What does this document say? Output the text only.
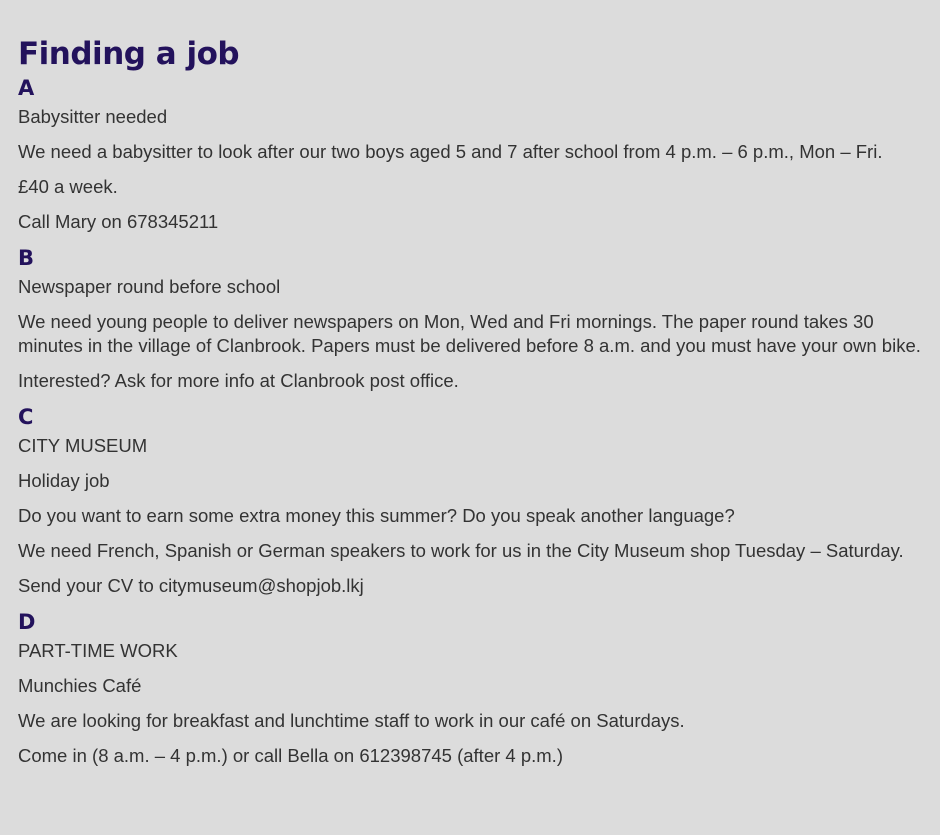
Finding a job
A

Babysitter needed

We need a babysitter to look after our two boys aged 5 and 7 after school from 4 p.m. – 6 p.m., Mon – Fri.

£40 a week.

Call Mary on 678345211

B

Newspaper round before school

We need young people to deliver newspapers on Mon, Wed and Fri mornings. The paper round takes 30 minutes in the village of Clanbrook. Papers must be delivered before 8 a.m. and you must have your own bike.

Interested? Ask for more info at Clanbrook post office.

C

CITY MUSEUM

Holiday job

Do you want to earn some extra money this summer? Do you speak another language?

We need French, Spanish or German speakers to work for us in the City Museum shop Tuesday – Saturday.

Send your CV to citymuseum@shopjob.lkj

D

PART-TIME WORK

Munchies Café

We are looking for breakfast and lunchtime staff to work in our café on Saturdays.

Come in (8 a.m. – 4 p.m.) or call Bella on 612398745 (after 4 p.m.)
